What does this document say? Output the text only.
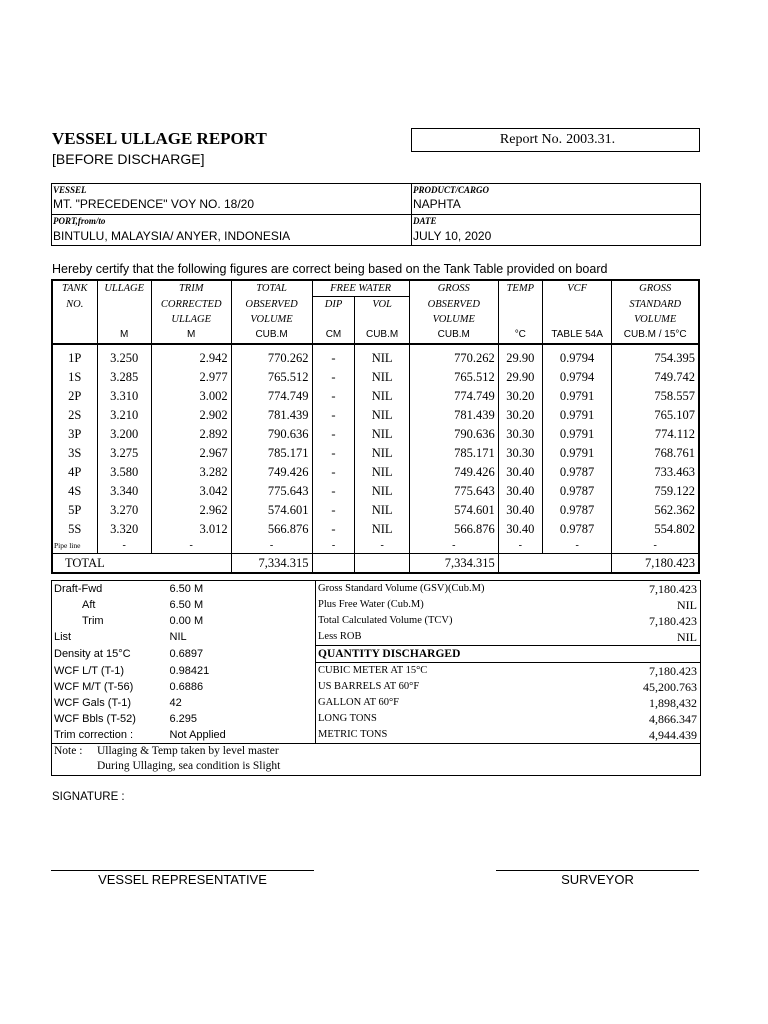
VESSEL ULLAGE REPORT
[BEFORE DISCHARGE]
Report No. 2003.31.
VESSEL
MT. "PRECEDENCE" VOY NO. 18/20
PORT,from/to
BINTULU, MALAYSIA/ ANYER, INDONESIA
PRODUCT/CARGO
NAPHTA
DATE
JULY 10, 2020
Hereby certify that the following figures are correct being based on the Tank Table provided on board
TANK	ULLAGE	TRIM	TOTAL	FREE WATER		GROSS	TEMP	VCF	GROSS
NO.		CORRECTED	OBSERVED	DIP	VOL	OBSERVED			STANDARD
		ULLAGE	VOLUME			VOLUME			VOLUME
	M	M	CUB.M	CM	CUB.M	CUB.M	°C	TABLE 54A	CUB.M / 15°C
1P	3.250	2.942	770.262	-	NIL	770.262	29.90	0.9794	754.395
1S	3.285	2.977	765.512	-	NIL	765.512	29.90	0.9794	749.742
2P	3.310	3.002	774.749	-	NIL	774.749	30.20	0.9791	758.557
2S	3.210	2.902	781.439	-	NIL	781.439	30.20	0.9791	765.107
3P	3.200	2.892	790.636	-	NIL	790.636	30.30	0.9791	774.112
3S	3.275	2.967	785.171	-	NIL	785.171	30.30	0.9791	768.761
4P	3.580	3.282	749.426	-	NIL	749.426	30.40	0.9787	733.463
4S	3.340	3.042	775.643	-	NIL	775.643	30.40	0.9787	759.122
5P	3.270	2.962	574.601	-	NIL	574.601	30.40	0.9787	562.362
5S	3.320	3.012	566.876	-	NIL	566.876	30.40	0.9787	554.802
Pipe line	-	-	-	-	-	-	-	-	-
TOTAL			7,334.315			7,334.315			7,180.423
Draft-Fwd	6.50 M	Gross Standard Volume (GSV)(Cub.M)	7,180.423
Aft	6.50 M	Plus Free Water (Cub.M)	NIL
Trim	0.00 M	Total Calculated Volume (TCV)	7,180.423
List	NIL	Less ROB	NIL
Density at 15°C	0.6897	QUANTITY DISCHARGED	
WCF L/T (T-1)	0.98421	CUBIC METER AT 15°C	7,180.423
WCF M/T (T-56)	0.6886	US BARRELS AT 60°F	45,200.763
WCF Gals (T-1)	42	GALLON AT 60°F	1,898,432
WCF Bbls (T-52)	6.295	LONG TONS	4,866.347
Trim correction :	Not Applied	METRIC TONS	4,944.439
Note : Ullaging & Temp taken by level master
During Ullaging, sea condition is Slight
SIGNATURE :
VESSEL REPRESENTATIVE	SURVEYOR
